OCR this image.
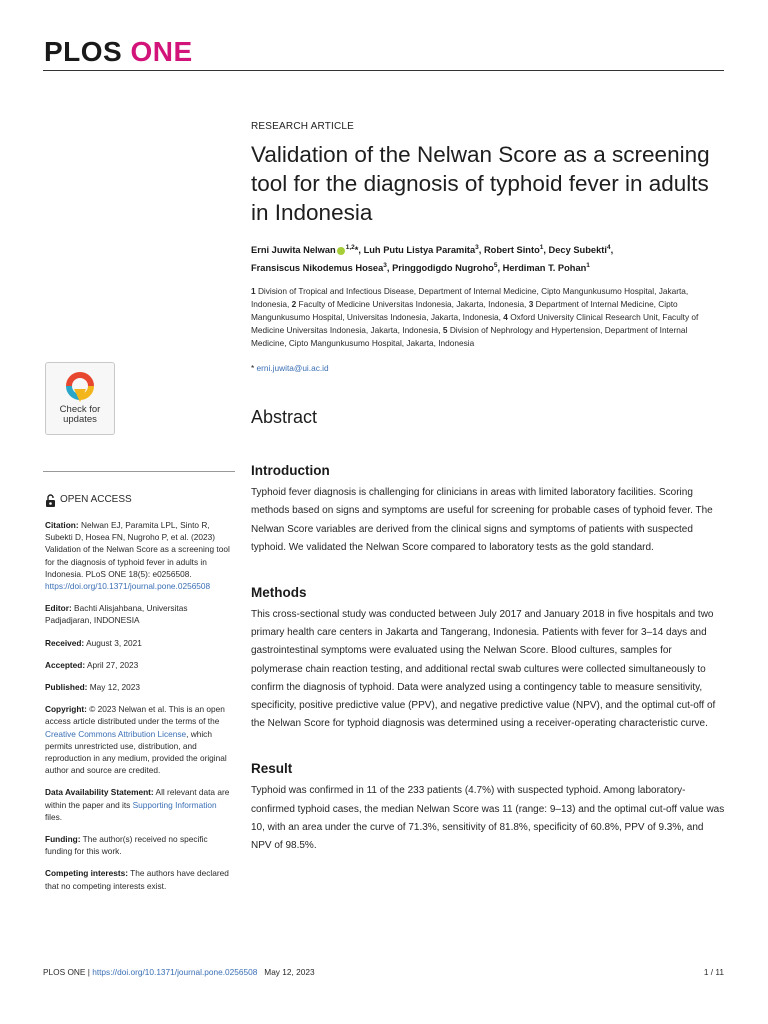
PLOS ONE
Check for
updates
OPEN ACCESS

Citation: Nelwan EJ, Paramita LPL, Sinto R, Subekti D, Hosea FN, Nugroho P, et al. (2023) Validation of the Nelwan Score as a screening tool for the diagnosis of typhoid fever in adults in Indonesia. PLoS ONE 18(5): e0256508. https://doi.org/10.1371/journal.pone.0256508

Editor: Bachti Alisjahbana, Universitas Padjadjaran, INDONESIA

Received: August 3, 2021

Accepted: April 27, 2023

Published: May 12, 2023

Copyright: © 2023 Nelwan et al. This is an open access article distributed under the terms of the Creative Commons Attribution License, which permits unrestricted use, distribution, and reproduction in any medium, provided the original author and source are credited.

Data Availability Statement: All relevant data are within the paper and its Supporting Information files.

Funding: The author(s) received no specific funding for this work.

Competing interests: The authors have declared that no competing interests exist.

RESEARCH ARTICLE

Validation of the Nelwan Score as a screening tool for the diagnosis of typhoid fever in adults in Indonesia
Erni Juwita Nelwan $^{1,2}$*, Luh Putu Listya Paramita$^3$, Robert Sinto$^1$, Decy Subekti$^4$,
Fransiscus Nikodemus Hosea$^3$, Pringgodigdo Nugroho$^5$, Herdiman T. Pohan$^1$
1 Division of Tropical and Infectious Disease, Department of Internal Medicine, Cipto Mangunkusumo Hospital, Jakarta, Indonesia, 2 Faculty of Medicine Universitas Indonesia, Jakarta, Indonesia, 3 Department of Internal Medicine, Cipto Mangunkusumo Hospital, Universitas Indonesia, Jakarta, Indonesia, 4 Oxford University Clinical Research Unit, Faculty of Medicine Universitas Indonesia, Jakarta, Indonesia, 5 Division of Nephrology and Hypertension, Department of Internal Medicine, Cipto Mangunkusumo Hospital, Jakarta, Indonesia
* erni.juwita@ui.ac.id
Abstract
Introduction

Typhoid fever diagnosis is challenging for clinicians in areas with limited laboratory facilities. Scoring methods based on signs and symptoms are useful for screening for probable cases of typhoid fever. The Nelwan Score variables are derived from the clinical signs and symptoms of patients with suspected typhoid. We validated the Nelwan Score compared to laboratory tests as the gold standard.

Methods

This cross-sectional study was conducted between July 2017 and January 2018 in five hospitals and two primary health care centers in Jakarta and Tangerang, Indonesia. Patients with fever for 3–14 days and gastrointestinal symptoms were evaluated using the Nelwan Score. Blood cultures, samples for polymerase chain reaction testing, and additional rectal swab cultures were collected simultaneously to confirm the diagnosis of typhoid. Data were analyzed using a contingency table to measure sensitivity, specificity, positive predictive value (PPV), and negative predictive value (NPV), and the optimal cut-off of the Nelwan Score for typhoid diagnosis was determined using a receiver-operating characteristic curve.

Result

Typhoid was confirmed in 11 of the 233 patients (4.7%) with suspected typhoid. Among laboratory-confirmed typhoid cases, the median Nelwan Score was 11 (range: 9–13) and the optimal cut-off value was 10, with an area under the curve of 71.3%, sensitivity of 81.8%, specificity of 60.8%, PPV of 9.3%, and NPV of 98.5%.

PLOS ONE | https://doi.org/10.1371/journal.pone.0256508 May 12, 2023	1 / 11
